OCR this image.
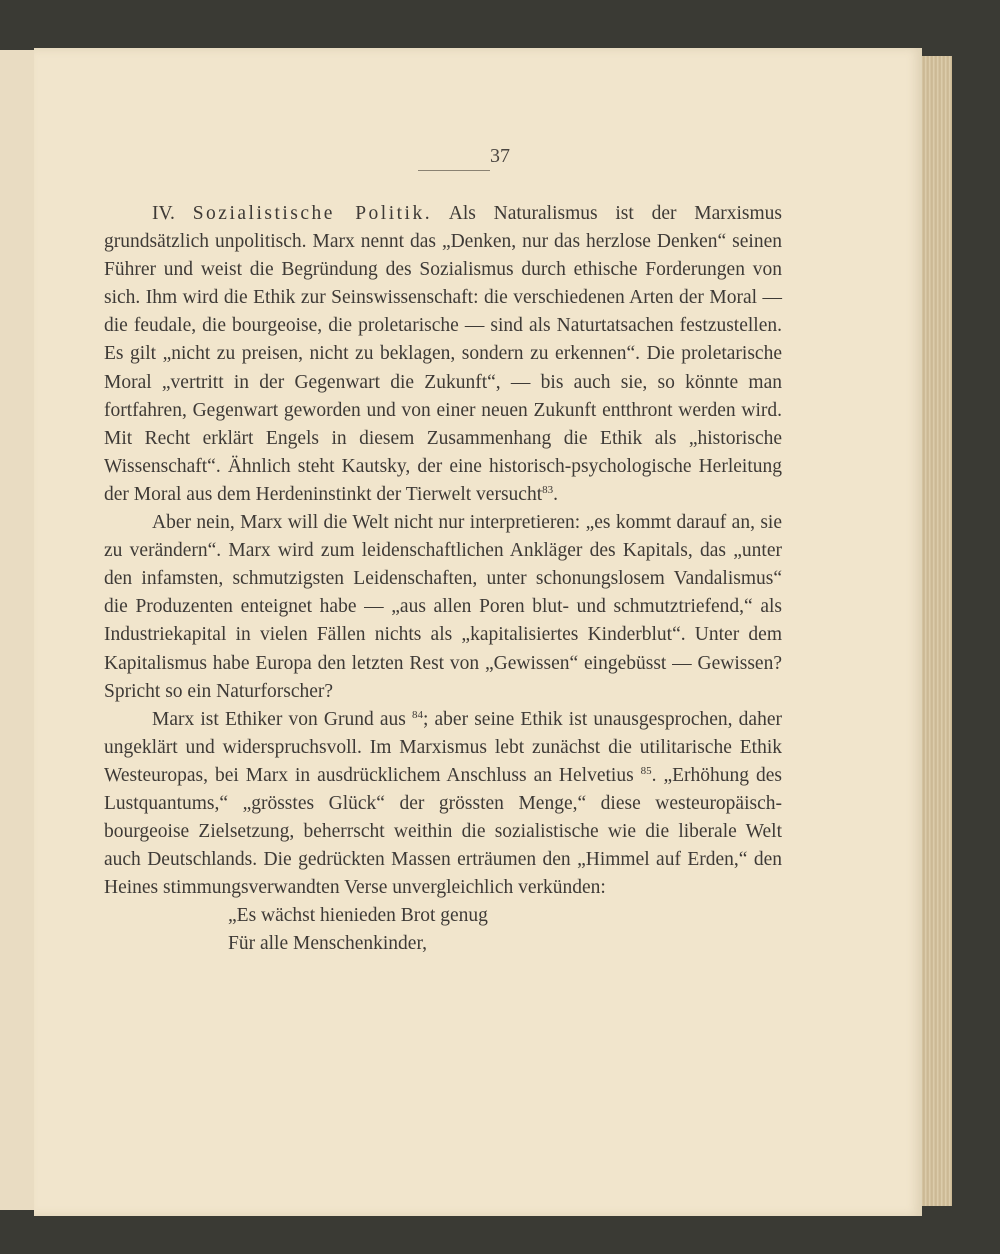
37

IV. Sozialistische Politik. Als Naturalismus ist der Marxismus grundsätzlich unpolitisch. Marx nennt das „Denken, nur das herzlose Denken“ seinen Führer und weist die Begründung des Sozialismus durch ethische Forderungen von sich. Ihm wird die Ethik zur Seinswissenschaft: die verschiedenen Arten der Moral — die feudale, die bourgeoise, die proletarische — sind als Naturtatsachen festzustellen. Es gilt „nicht zu preisen, nicht zu beklagen, sondern zu erkennen“. Die proletarische Moral „vertritt in der Gegenwart die Zukunft“, — bis auch sie, so könnte man fortfahren, Gegenwart geworden und von einer neuen Zukunft entthront werden wird. Mit Recht erklärt Engels in diesem Zusammenhang die Ethik als „historische Wissenschaft“. Ähnlich steht Kautsky, der eine historisch-psychologische Herleitung der Moral aus dem Herdeninstinkt der Tierwelt versucht$^{83}$.

Aber nein, Marx will die Welt nicht nur interpretieren: „es kommt darauf an, sie zu verändern“. Marx wird zum leidenschaftlichen Ankläger des Kapitals, das „unter den infamsten, schmutzigsten Leidenschaften, unter schonungslosem Vandalismus“ die Produzenten enteignet habe — „aus allen Poren blut- und schmutztriefend,“ als Industriekapital in vielen Fällen nichts als „kapitalisiertes Kinderblut“. Unter dem Kapitalismus habe Europa den letzten Rest von „Gewissen“ eingebüsst — Gewissen? Spricht so ein Naturforscher?

Marx ist Ethiker von Grund aus $^{84}$; aber seine Ethik ist unausgesprochen, daher ungeklärt und widerspruchsvoll. Im Marxismus lebt zunächst die utilitarische Ethik Westeuropas, bei Marx in ausdrücklichem Anschluss an Helvetius $^{85}$. „Erhöhung des Lustquantums,“ „grösstes Glück“ der grössten Menge,“ diese westeuropäisch-bourgeoise Zielsetzung, beherrscht weithin die sozialistische wie die liberale Welt auch Deutschlands. Die gedrückten Massen erträumen den „Himmel auf Erden,“ den Heines stimmungsverwandten Verse unvergleichlich verkünden:

„Es wächst hienieden Brot genug

Für alle Menschenkinder,
